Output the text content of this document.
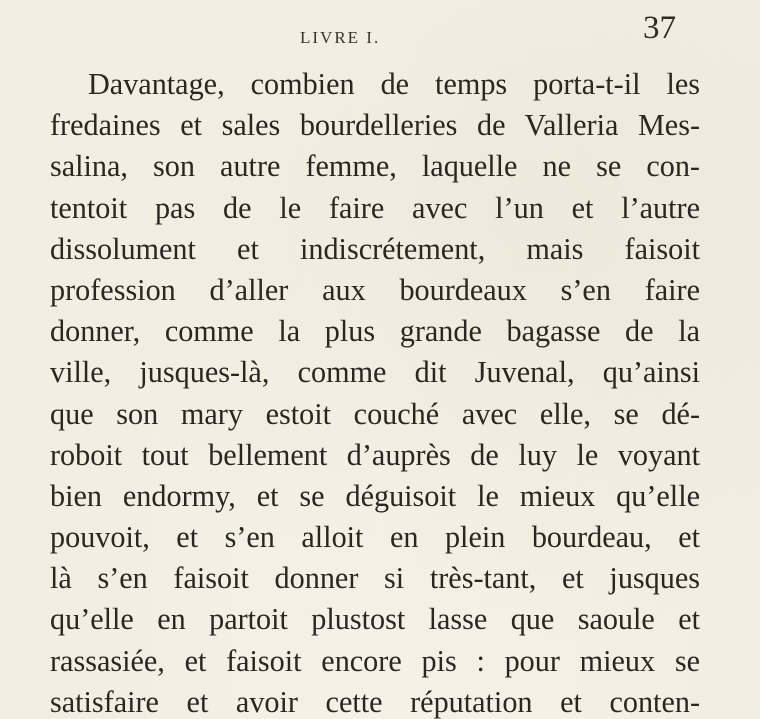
LIVRE I.	37
Davantage, combien de temps porta-t-il les
fredaines et sales bourdelleries de Valleria Mes-
salina, son autre femme, laquelle ne se con-
tentoit pas de le faire avec l’un et l’autre
dissolument et indiscrétement, mais faisoit
profession d’aller aux bourdeaux s’en faire
donner, comme la plus grande bagasse de la
ville, jusques-là, comme dit Juvenal, qu’ainsi
que son mary estoit couché avec elle, se dé-
roboit tout bellement d’auprès de luy le voyant
bien endormy, et se déguisoit le mieux qu’elle
pouvoit, et s’en alloit en plein bourdeau, et
là s’en faisoit donner si très-tant, et jusques
qu’elle en partoit plustost lasse que saoule et
rassasiée, et faisoit encore pis : pour mieux se
satisfaire et avoir cette réputation et conten-
